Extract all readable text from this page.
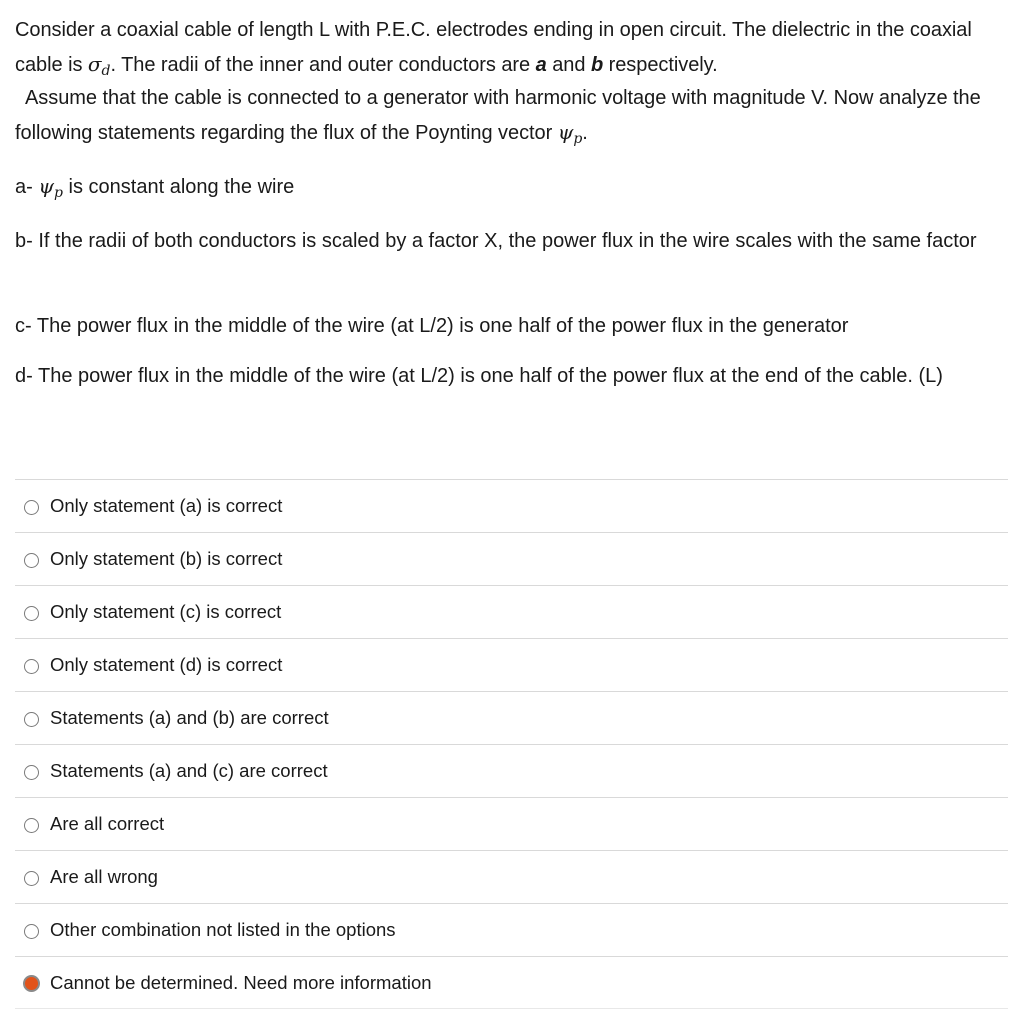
Consider a coaxial cable of length L with P.E.C. electrodes ending in open circuit. The dielectric in the coaxial cable is $\sigma_d$. The radii of the inner and outer conductors are a and b respectively.

Assume that the cable is connected to a generator with harmonic voltage with magnitude V. Now analyze the following statements regarding the flux of the Poynting vector $\psi_p$.

a- $\psi_p$ is constant along the wire

b- If the radii of both conductors is scaled by a factor X, the power flux in the wire scales with the same factor

c- The power flux in the middle of the wire (at L/2) is one half of the power flux in the generator

d- The power flux in the middle of the wire (at L/2) is one half of the power flux at the end of the cable. (L)

Only statement (a) is correct
Only statement (b) is correct
Only statement (c) is correct
Only statement (d) is correct
Statements (a) and (b) are correct
Statements (a) and (c) are correct
Are all correct
Are all wrong
Other combination not listed in the options
Cannot be determined. Need more information
